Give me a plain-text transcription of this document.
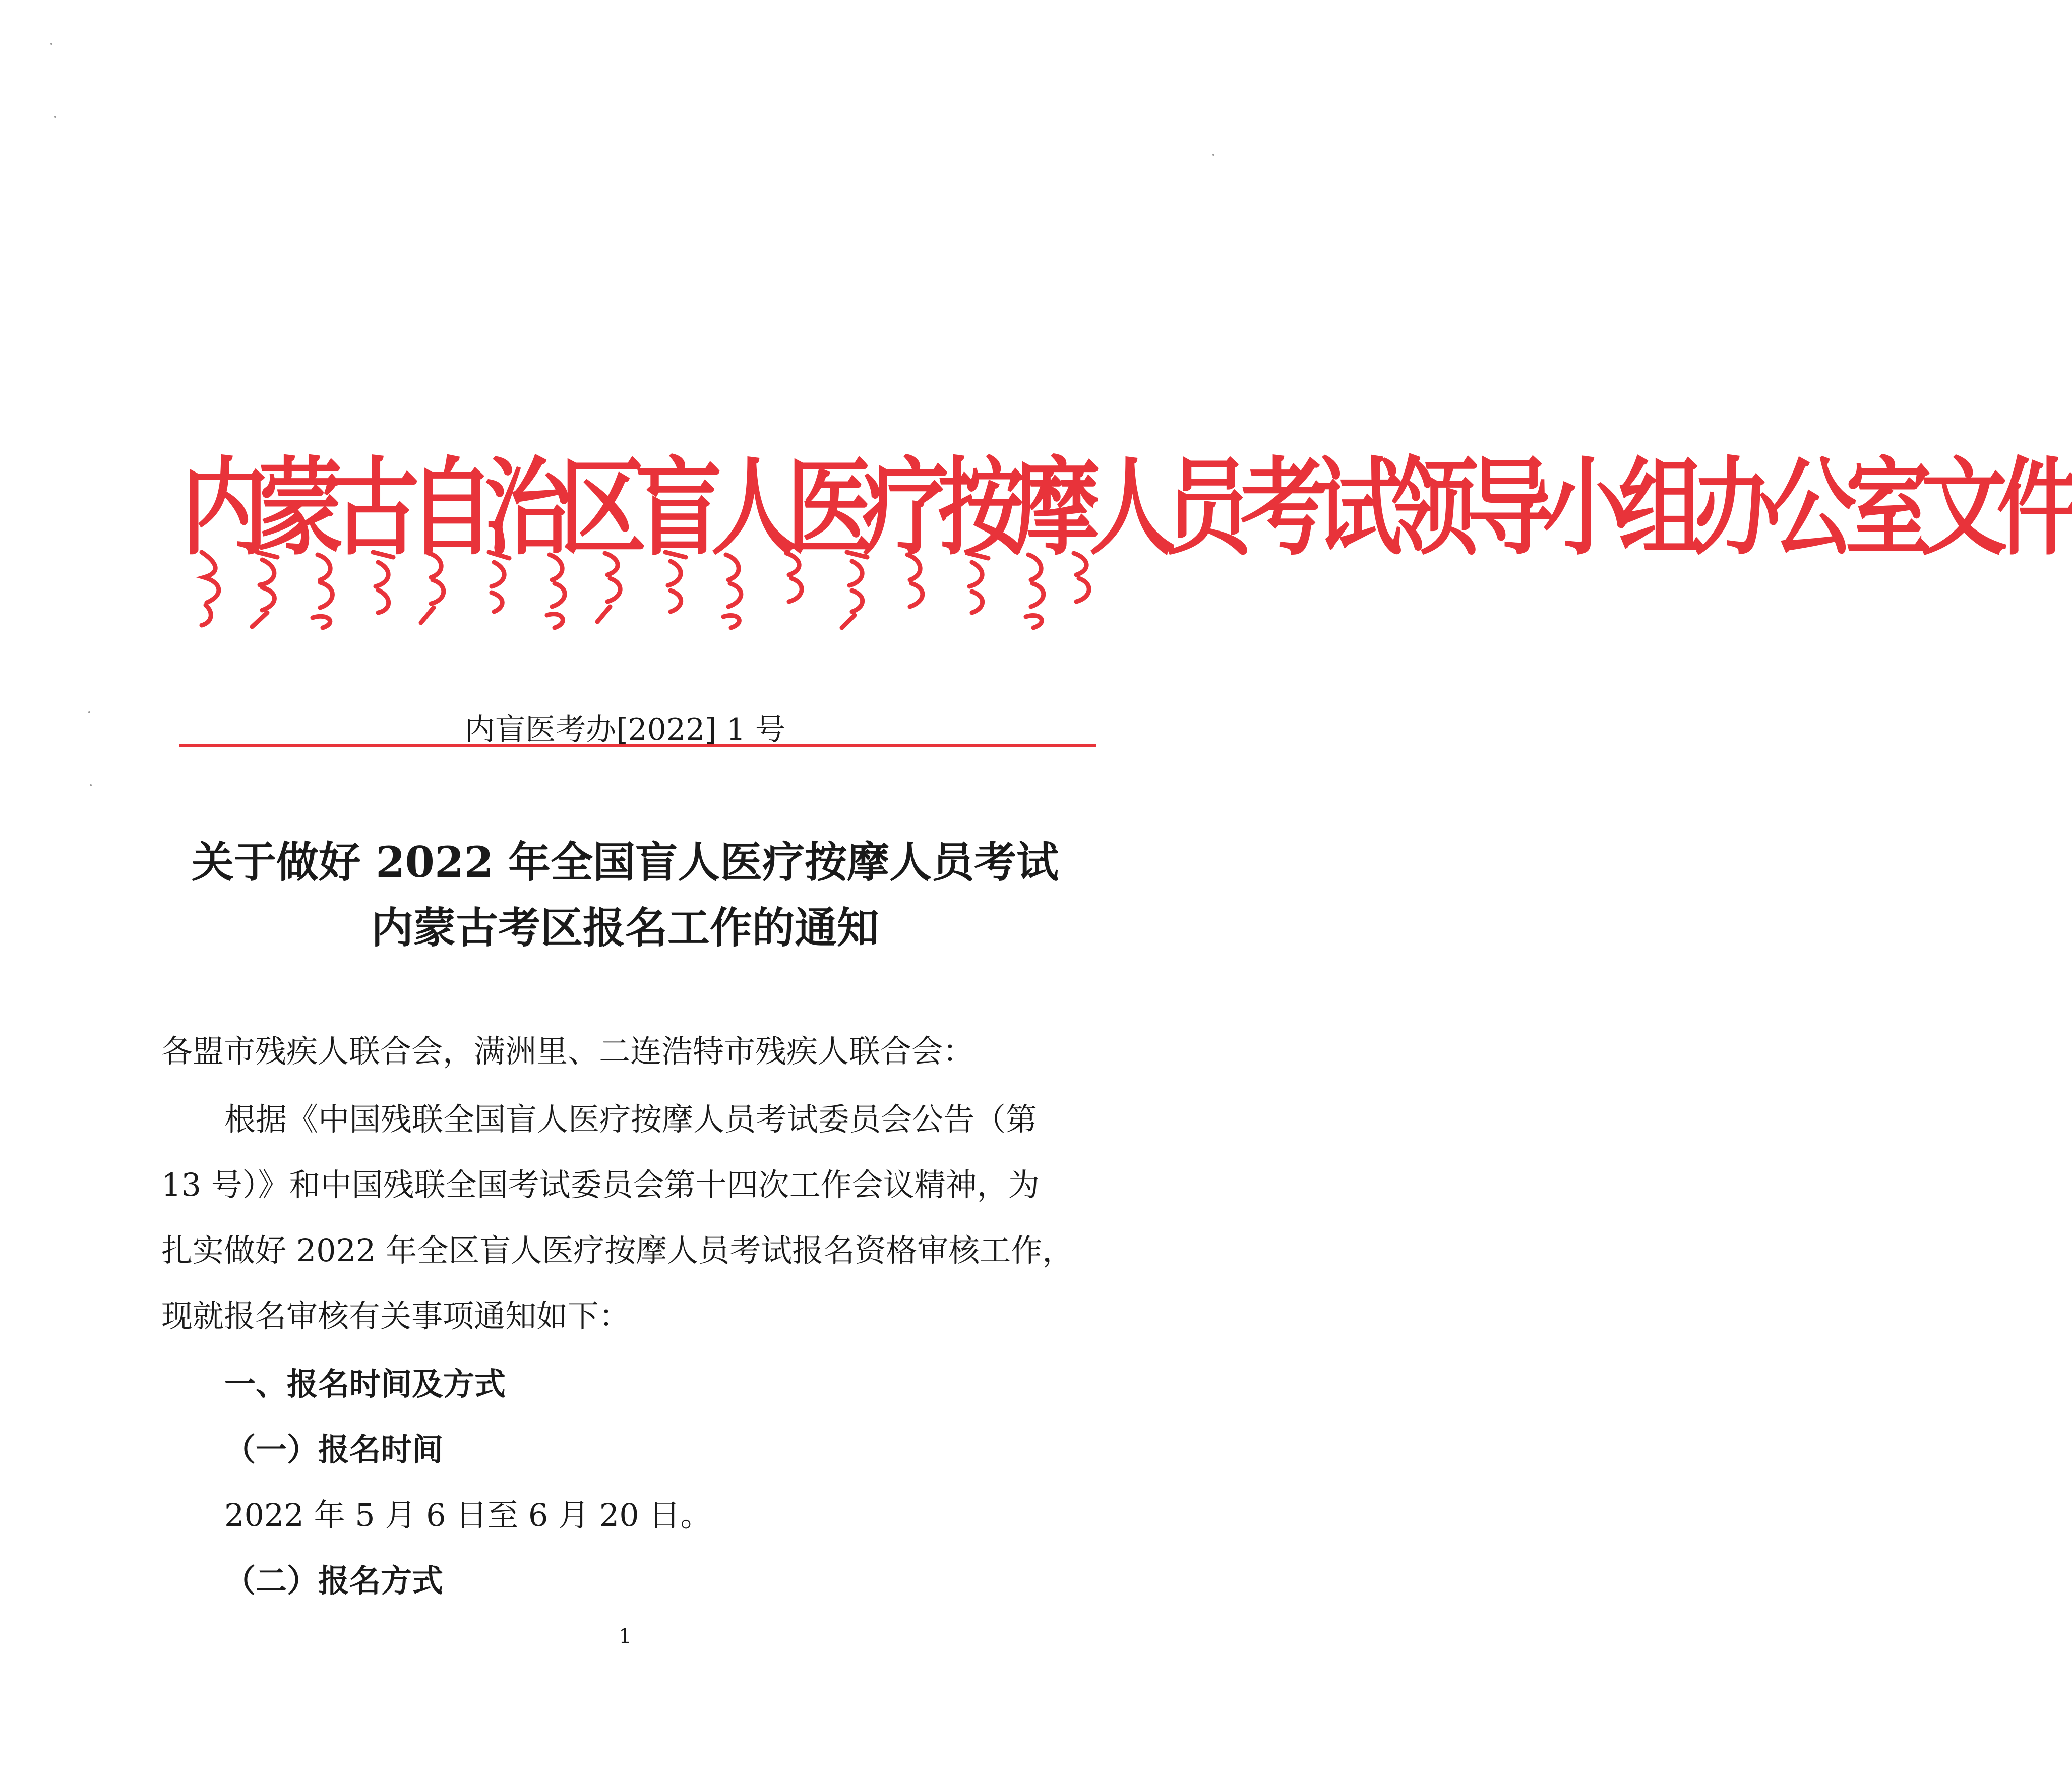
内蒙古自治区盲人医疗按摩人员考试领导小组办公室文件
内盲医考办[2022] 1 号
关于做好 2022 年全国盲人医疗按摩人员考试
内蒙古考区报名工作的通知
各盟市残疾人联合会，满洲里、二连浩特市残疾人联合会：
根据《中国残联全国盲人医疗按摩人员考试委员会公告（第
13 号）》和中国残联全国考试委员会第十四次工作会议精神，为
扎实做好 2022 年全区盲人医疗按摩人员考试报名资格审核工作，
现就报名审核有关事项通知如下：
一、报名时间及方式
（一）报名时间
2022 年 5 月 6 日至 6 月 20 日。
（二）报名方式
1
